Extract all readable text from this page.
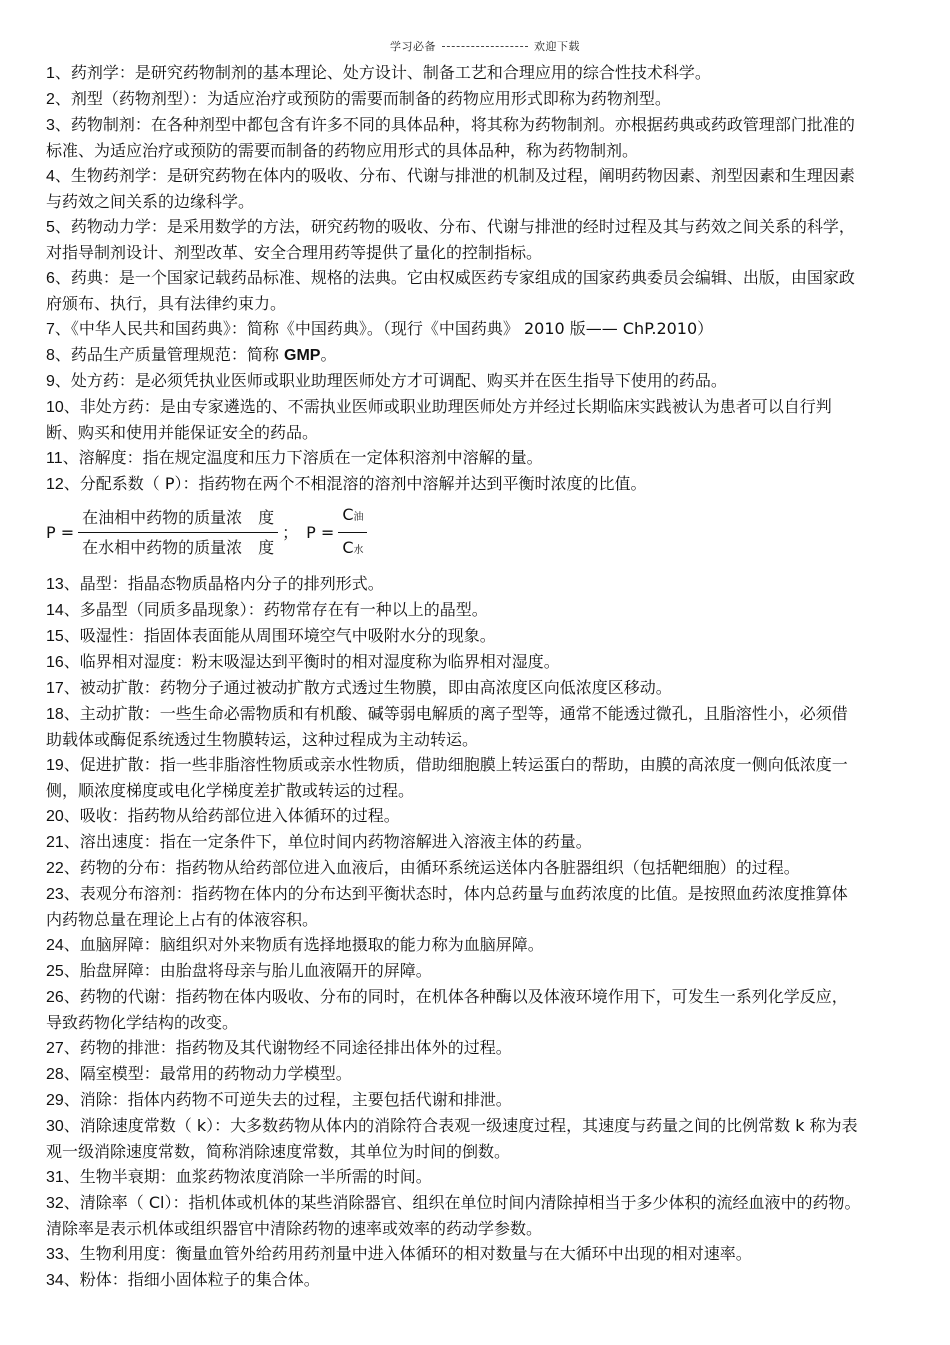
学习必备	欢迎下载

1、药剂学：是研究药物制剂的基本理论、处方设计、制备工艺和合理应用的综合性技术科学。

2、剂型（药物剂型）：为适应治疗或预防的需要而制备的药物应用形式即称为药物剂型。

3、药物制剂：在各种剂型中都包含有许多不同的具体品种，将其称为药物制剂。亦根据药典或药政管理部门批准的标准、为适应治疗或预防的需要而制备的药物应用形式的具体品种，称为药物制剂。

4、生物药剂学：是研究药物在体内的吸收、分布、代谢与排泄的机制及过程，阐明药物因素、剂型因素和生理因素与药效之间关系的边缘科学。

5、药物动力学：是采用数学的方法，研究药物的吸收、分布、代谢与排泄的经时过程及其与药效之间关系的科学，对指导制剂设计、剂型改革、安全合理用药等提供了量化的控制指标。

6、药典：是一个国家记载药品标准、规格的法典。它由权威医药专家组成的国家药典委员会编辑、出版，由国家政府颁布、执行，具有法律约束力。

7、《中华人民共和国药典》：简称《中国药典》。（现行《中国药典》 2010 版—— ChP.2010）

8、药品生产质量管理规范：简称 GMP。

9、处方药：是必须凭执业医师或职业助理医师处方才可调配、购买并在医生指导下使用的药品。

10、非处方药：是由专家遴选的、不需执业医师或职业助理医师处方并经过长期临床实践被认为患者可以自行判断、购买和使用并能保证安全的药品。

11、溶解度：指在规定温度和压力下溶质在一定体积溶剂中溶解的量。

12、分配系数（ P）：指药物在两个不相混溶的溶剂中溶解并达到平衡时浓度的比值。

$P = \frac{\text{在油相中药物的质量浓　度}}{\text{在水相中药物的质量浓　度}}$ ； $P = \frac{\text{C油}}{\text{C水}}$

13、晶型：指晶态物质晶格内分子的排列形式。

14、多晶型（同质多晶现象）：药物常存在有一种以上的晶型。

15、吸湿性：指固体表面能从周围环境空气中吸附水分的现象。

16、临界相对湿度：粉末吸湿达到平衡时的相对湿度称为临界相对湿度。

17、被动扩散：药物分子通过被动扩散方式透过生物膜，即由高浓度区向低浓度区移动。

18、主动扩散：一些生命必需物质和有机酸、碱等弱电解质的离子型等，通常不能透过微孔，且脂溶性小，必须借助载体或酶促系统透过生物膜转运，这种过程成为主动转运。

19、促进扩散：指一些非脂溶性物质或亲水性物质，借助细胞膜上转运蛋白的帮助，由膜的高浓度一侧向低浓度一侧，顺浓度梯度或电化学梯度差扩散或转运的过程。

20、吸收：指药物从给药部位进入体循环的过程。

21、溶出速度：指在一定条件下，单位时间内药物溶解进入溶液主体的药量。

22、药物的分布：指药物从给药部位进入血液后，由循环系统运送体内各脏器组织（包括靶细胞）的过程。

23、表观分布溶剂：指药物在体内的分布达到平衡状态时，体内总药量与血药浓度的比值。是按照血药浓度推算体内药物总量在理论上占有的体液容积。

24、血脑屏障：脑组织对外来物质有选择地摄取的能力称为血脑屏障。

25、胎盘屏障：由胎盘将母亲与胎儿血液隔开的屏障。

26、药物的代谢：指药物在体内吸收、分布的同时，在机体各种酶以及体液环境作用下，可发生一系列化学反应，导致药物化学结构的改变。

27、药物的排泄：指药物及其代谢物经不同途径排出体外的过程。

28、隔室模型：最常用的药物动力学模型。

29、消除：指体内药物不可逆失去的过程，主要包括代谢和排泄。

30、消除速度常数（ k）：大多数药物从体内的消除符合表观一级速度过程，其速度与药量之间的比例常数 k 称为表观一级消除速度常数，简称消除速度常数，其单位为时间的倒数。

31、生物半衰期：血浆药物浓度消除一半所需的时间。

32、清除率（ Cl）：指机体或机体的某些消除器官、组织在单位时间内清除掉相当于多少体积的流经血液中的药物。清除率是表示机体或组织器官中清除药物的速率或效率的药动学参数。

33、生物利用度：衡量血管外给药用药剂量中进入体循环的相对数量与在大循环中出现的相对速率。

34、粉体：指细小固体粒子的集合体。
